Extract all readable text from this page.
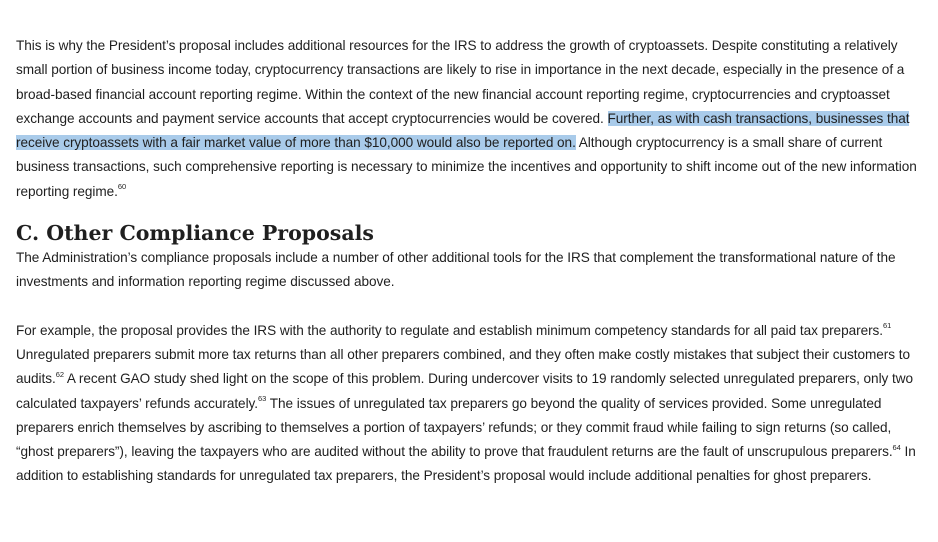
This is why the President’s proposal includes additional resources for the IRS to address the growth of cryptoassets. Despite constituting a relatively small portion of business income today, cryptocurrency transactions are likely to rise in importance in the next decade, especially in the presence of a broad-based financial account reporting regime. Within the context of the new financial account reporting regime, cryptocurrencies and cryptoasset exchange accounts and payment service accounts that accept cryptocurrencies would be covered. Further, as with cash transactions, businesses that receive cryptoassets with a fair market value of more than $10,000 would also be reported on. Although cryptocurrency is a small share of current business transactions, such comprehensive reporting is necessary to minimize the incentives and opportunity to shift income out of the new information reporting regime.$^{60}$

C. Other Compliance Proposals

The Administration’s compliance proposals include a number of other additional tools for the IRS that complement the transformational nature of the investments and information reporting regime discussed above.

For example, the proposal provides the IRS with the authority to regulate and establish minimum competency standards for all paid tax preparers.$^{61}$ Unregulated preparers submit more tax returns than all other preparers combined, and they often make costly mistakes that subject their customers to audits.$^{62}$ A recent GAO study shed light on the scope of this problem. During undercover visits to 19 randomly selected unregulated preparers, only two calculated taxpayers’ refunds accurately.$^{63}$ The issues of unregulated tax preparers go beyond the quality of services provided. Some unregulated preparers enrich themselves by ascribing to themselves a portion of taxpayers’ refunds; or they commit fraud while failing to sign returns (so called, “ghost preparers”), leaving the taxpayers who are audited without the ability to prove that fraudulent returns are the fault of unscrupulous preparers.$^{64}$ In addition to establishing standards for unregulated tax preparers, the President’s proposal would include additional penalties for ghost preparers.
